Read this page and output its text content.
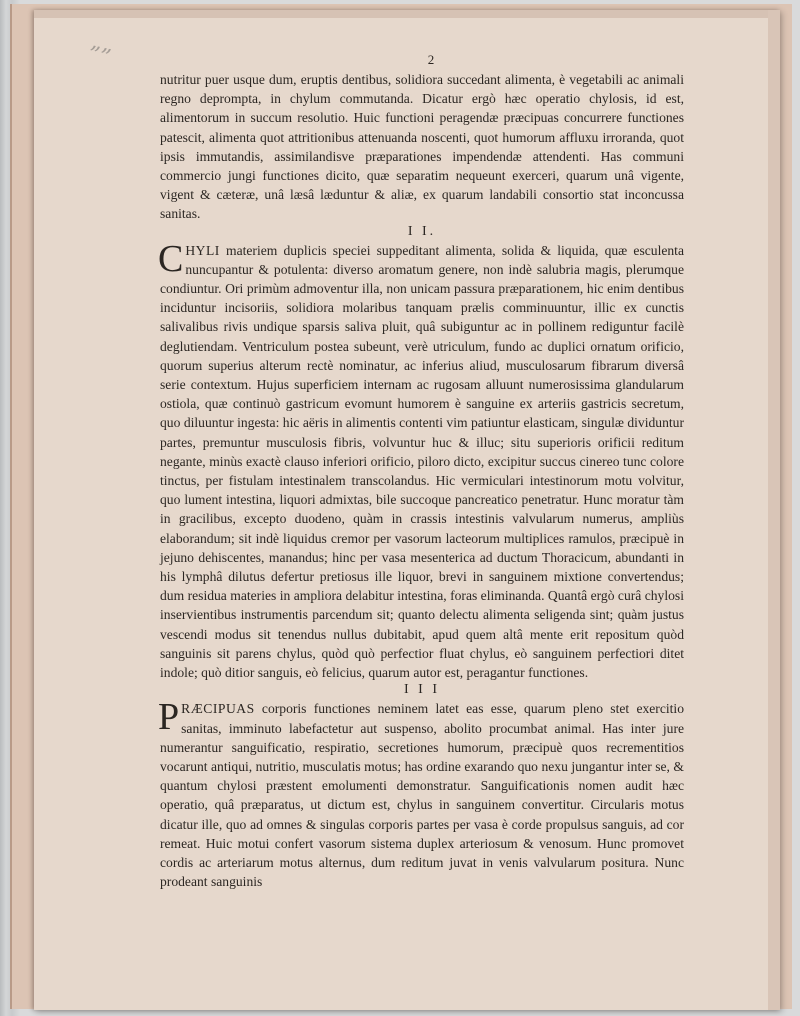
””	2

nutritur puer usque dum, eruptis dentibus, solidiora succedant alimenta, è vegetabili ac animali regno deprompta, in chylum commutanda. Dicatur ergò hæc operatio chylosis, id est, alimentorum in succum resolutio. Huic functioni peragendæ præcipuas concurrere functiones patescit, alimenta quot attritionibus attenuanda noscenti, quot humorum affluxu irroranda, quot ipsis immutandis, assimilandisve præparationes impendendæ attendenti. Has communi commercio jungi functiones dicito, quæ separatim nequeunt exerceri, quarum unâ vigente, vigent & cæteræ, unâ læsâ læduntur & aliæ, ex quarum landabili consortio stat inconcussa sanitas.

I I.

CHYLI materiem duplicis speciei suppeditant alimenta, solida & liquida, quæ esculenta nuncupantur & potulenta: diverso aromatum genere, non indè salubria magis, plerumque condiuntur. Ori primùm admoventur illa, non unicam passura præparationem, hic enim dentibus inciduntur incisoriis, solidiora molaribus tanquam prælis comminuuntur, illic ex cunctis salivalibus rivis undique sparsis saliva pluit, quâ subiguntur ac in pollinem rediguntur facilè deglutiendam. Ventriculum postea subeunt, verè utriculum, fundo ac duplici ornatum orificio, quorum superius alterum rectè nominatur, ac inferius aliud, musculosarum fibrarum diversâ serie contextum. Hujus superficiem internam ac rugosam alluunt numerosissima glandularum ostiola, quæ continuò gastricum evomunt humorem è sanguine ex arteriis gastricis secretum, quo diluuntur ingesta: hic aëris in alimentis contenti vim patiuntur elasticam, singulæ dividuntur partes, premuntur musculosis fibris, volvuntur huc & illuc; situ superioris orificii reditum negante, minùs exactè clauso inferiori orificio, piloro dicto, excipitur succus cinereo tunc colore tinctus, per fistulam intestinalem transcolandus. Hic vermiculari intestinorum motu volvitur, quo lument intestina, liquori admixtas, bile succoque pancreatico penetratur. Hunc moratur tàm in gracilibus, excepto duodeno, quàm in crassis intestinis valvularum numerus, ampliùs elaborandum; sit indè liquidus cremor per vasorum lacteorum multiplices ramulos, præcipuè in jejuno dehiscentes, manandus; hinc per vasa mesenterica ad ductum Thoracicum, abundanti in his lymphâ dilutus defertur pretiosus ille liquor, brevi in sanguinem mixtione convertendus; dum residua materies in ampliora delabitur intestina, foras eliminanda. Quantâ ergò curâ chylosi inservientibus instrumentis parcendum sit; quanto delectu alimenta seligenda sint; quàm justus vescendi modus sit tenendus nullus dubitabit, apud quem altâ mente erit repositum quòd sanguinis sit parens chylus, quòd quò perfectior fluat chylus, eò sanguinem perfectiori ditet indole; quò ditior sanguis, eò felicius, quarum autor est, peragantur functiones.

I I I

PRÆCIPUAS corporis functiones neminem latet eas esse, quarum pleno stet exercitio sanitas, imminuto labefactetur aut suspenso, abolito procumbat animal. Has inter jure numerantur sanguificatio, respiratio, secretiones humorum, præcipuè quos recrementitios vocarunt antiqui, nutritio, musculatis motus; has ordine exarando quo nexu jungantur inter se, & quantum chylosi præstent emolumenti demonstratur. Sanguificationis nomen audit hæc operatio, quâ præparatus, ut dictum est, chylus in sanguinem convertitur. Circularis motus dicatur ille, quo ad omnes & singulas corporis partes per vasa è corde propulsus sanguis, ad cor remeat. Huic motui confert vasorum sistema duplex arteriosum & venosum. Hunc promovet cordis ac arteriarum motus alternus, dum reditum juvat in venis valvularum positura. Nunc prodeant sanguinis
